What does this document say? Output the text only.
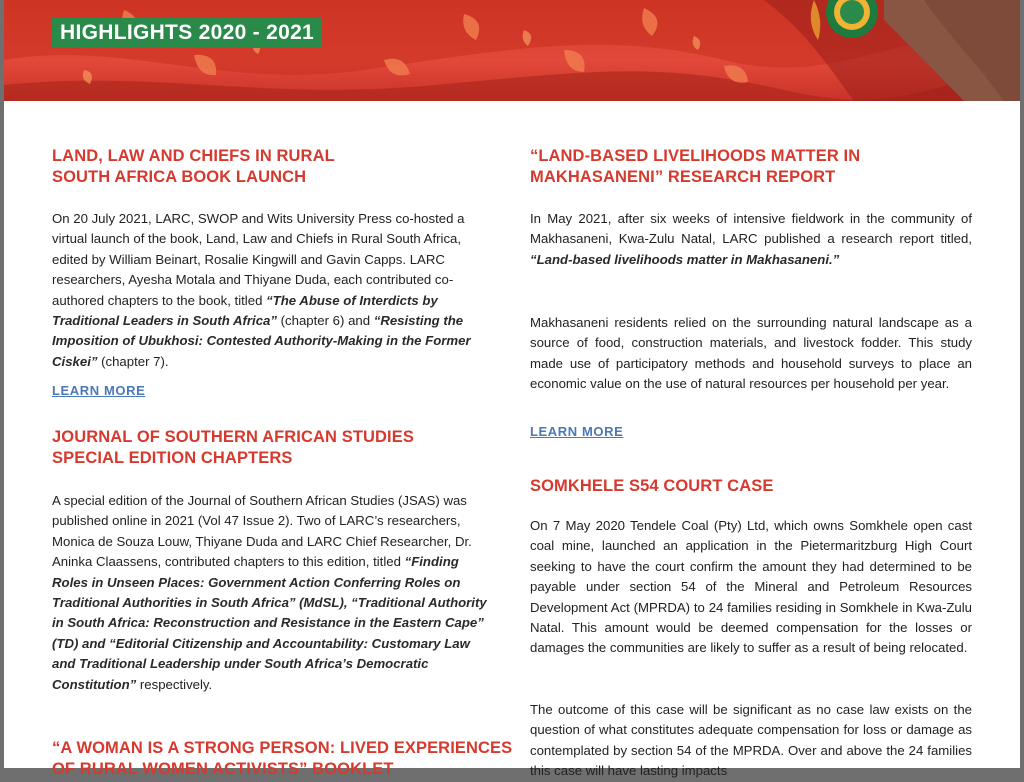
HIGHLIGHTS 2020 - 2021
LAND, LAW AND CHIEFS IN RURAL
SOUTH AFRICA BOOK LAUNCH

On 20 July 2021, LARC, SWOP and Wits University Press co-hosted a virtual launch of the book, Land, Law and Chiefs in Rural South Africa, edited by William Beinart, Rosalie Kingwill and Gavin Capps. LARC researchers, Ayesha Motala and Thiyane Duda, each contributed co-authored chapters to the book, titled “The Abuse of Interdicts by Traditional Leaders in South Africa” (chapter 6) and “Resisting the Imposition of Ubukhosi: Contested Authority-Making in the Former Ciskei” (chapter 7).

LEARN MORE
JOURNAL OF SOUTHERN AFRICAN STUDIES
SPECIAL EDITION CHAPTERS

A special edition of the Journal of Southern African Studies (JSAS) was published online in 2021 (Vol 47 Issue 2). Two of LARC’s researchers, Monica de Souza Louw, Thiyane Duda and LARC Chief Researcher, Dr. Aninka Claassens, contributed chapters to this edition, titled “Finding Roles in Unseen Places: Government Action Conferring Roles on Traditional Authorities in South Africa” (MdSL), “Traditional Authority in South Africa: Reconstruction and Resistance in the Eastern Cape” (TD) and “Editorial Citizenship and Accountability: Customary Law and Traditional Leadership under South Africa’s Democratic Constitution” respectively.

“A WOMAN IS A STRONG PERSON: LIVED EXPERIENCES
OF RURAL WOMEN ACTIVISTS” BOOKLET
“LAND-BASED LIVELIHOODS MATTER IN
MAKHASANENI” RESEARCH REPORT

In May 2021, after six weeks of intensive fieldwork in the community of Makhasaneni, Kwa-Zulu Natal, LARC published a research report titled, “Land-based livelihoods matter in Makhasaneni.”

Makhasaneni residents relied on the surrounding natural landscape as a source of food, construction materials, and livestock fodder. This study made use of participatory methods and household surveys to place an economic value on the use of natural resources per household per year.

LEARN MORE
SOMKHELE S54 COURT CASE

On 7 May 2020 Tendele Coal (Pty) Ltd, which owns Somkhele open cast coal mine, launched an application in the Pietermaritzburg High Court seeking to have the court confirm the amount they had determined to be payable under section 54 of the Mineral and Petroleum Resources Development Act (MPRDA) to 24 families residing in Somkhele in Kwa-Zulu Natal. This amount would be deemed compensation for the losses or damages the communities are likely to suffer as a result of being relocated.

The outcome of this case will be significant as no case law exists on the question of what constitutes adequate compensation for loss or damage as contemplated by section 54 of the MPRDA. Over and above the 24 families this case will have lasting impacts
